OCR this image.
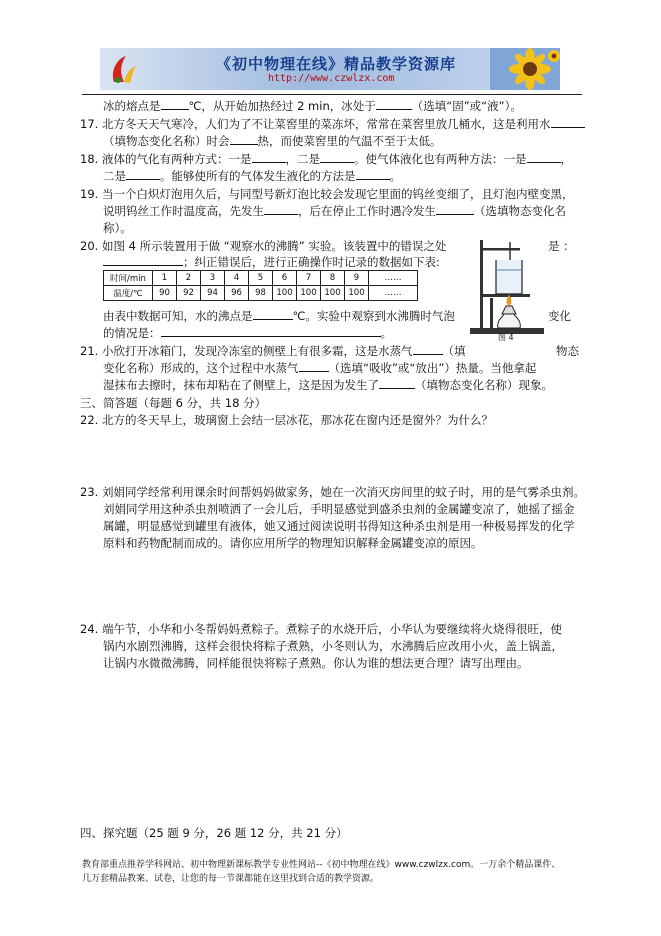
《初中物理在线》精品教学资源库
http://www.czwlzx.com
冰的熔点是 ℃，从开始加热经过 2 min，冰处于	（选填“固”或“液”）。
17. 北方冬天天气寒冷，人们为了不让菜窖里的菜冻坏，常常在菜窖里放几桶水，这是利用水
（填物态变化名称）时会 热，而使菜窖里的气温不至于太低。
18. 液体的气化有两种方式：一是	，二是	。使气体液化也有两种方法：一是	，
二是	。能够使所有的气体发生液化的方法是	。
19. 当一个白炽灯泡用久后，与同型号新灯泡比较会发现它里面的钨丝变细了，且灯泡内壁变黑，
说明钨丝工作时温度高，先发生	，后在停止工作时遇冷发生	（选填物态变化名
称）。
20. 如图 4 所示装置用于做 “观察水的沸腾” 实验。该装置中的错误之处	是 ：
；纠正错误后，进行正确操作时记录的数据如下表:
时间/min	1	2	3	4	5	6	7	8	9	……
温度/℃	90	92	94	96	98	100	100	100	100	……
图 4
由表中数据可知，水的沸点是	℃。实验中观察到水沸腾时气泡	变化
的情况是：	。
21. 小欣打开冰箱门，发现冷冻室的侧壁上有很多霜，这是水蒸气	（填	物态
变化名称）形成的，这个过程中水蒸气	（选填“吸收”或“放出”）热量。当他拿起
湿抹布去擦时，抹布却粘在了侧壁上，这是因为发生了	（填物态变化名称）现象。
三、简答题（每题 6 分，共 18 分）
22. 北方的冬天早上，玻璃窗上会结一层冰花，那冰花在窗内还是窗外？为什么？
23. 刘娟同学经常利用课余时间帮妈妈做家务，她在一次消灭房间里的蚊子时，用的是气雾杀虫剂。
刘娟同学用这种杀虫剂喷洒了一会儿后，手明显感觉到盛杀虫剂的金属罐变凉了，她摇了摇金
属罐，明显感觉到罐里有液体，她又通过阅读说明书得知这种杀虫剂是用一种极易挥发的化学
原料和药物配制而成的。请你应用所学的物理知识解释金属罐变凉的原因。
24. 端午节，小华和小冬帮妈妈煮粽子。煮粽子的水烧开后，小华认为要继续将火烧得很旺，使
锅内水剧烈沸腾，这样会很快将粽子煮熟，小冬则认为，水沸腾后应改用小火，盖上锅盖，
让锅内水微微沸腾，同样能很快将粽子煮熟。你认为谁的想法更合理？请写出理由。
四、探究题（25 题 9 分，26 题 12 分，共 21 分）
教育部重点推荐学科网站、初中物理新课标教学专业性网站--《初中物理在线》www.czwlzx.com。一万余个精品课件、
几万套精品教案、试卷，让您的每一节课都能在这里找到合适的教学资源。
